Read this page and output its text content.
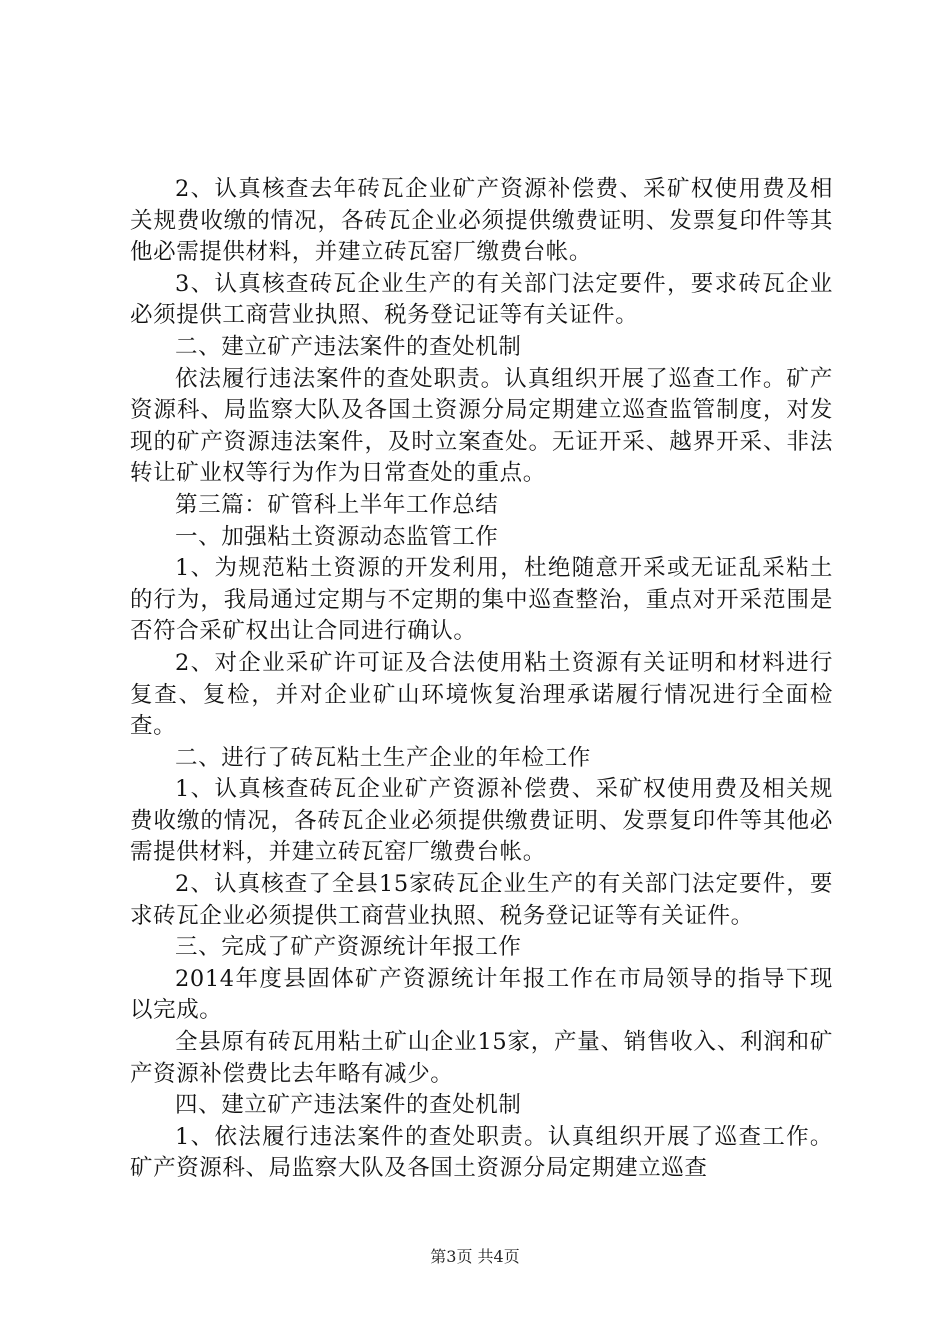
2、认真核查去年砖瓦企业矿产资源补偿费、采矿权使用费及相关规费收缴的情况，各砖瓦企业必须提供缴费证明、发票复印件等其他必需提供材料，并建立砖瓦窑厂缴费台帐。

3、认真核查砖瓦企业生产的有关部门法定要件，要求砖瓦企业必须提供工商营业执照、税务登记证等有关证件。

二、建立矿产违法案件的查处机制

依法履行违法案件的查处职责。认真组织开展了巡查工作。矿产资源科、局监察大队及各国土资源分局定期建立巡查监管制度，对发现的矿产资源违法案件，及时立案查处。无证开采、越界开采、非法转让矿业权等行为作为日常查处的重点。

第三篇：矿管科上半年工作总结

一、加强粘土资源动态监管工作

1、为规范粘土资源的开发利用，杜绝随意开采或无证乱采粘土的行为，我局通过定期与不定期的集中巡查整治，重点对开采范围是否符合采矿权出让合同进行确认。

2、对企业采矿许可证及合法使用粘土资源有关证明和材料进行复查、复检，并对企业矿山环境恢复治理承诺履行情况进行全面检查。

二、进行了砖瓦粘土生产企业的年检工作

1、认真核查砖瓦企业矿产资源补偿费、采矿权使用费及相关规费收缴的情况，各砖瓦企业必须提供缴费证明、发票复印件等其他必需提供材料，并建立砖瓦窑厂缴费台帐。

2、认真核查了全县15家砖瓦企业生产的有关部门法定要件，要求砖瓦企业必须提供工商营业执照、税务登记证等有关证件。

三、完成了矿产资源统计年报工作

2014年度县固体矿产资源统计年报工作在市局领导的指导下现以完成。

全县原有砖瓦用粘土矿山企业15家，产量、销售收入、利润和矿产资源补偿费比去年略有减少。

四、建立矿产违法案件的查处机制

1、依法履行违法案件的查处职责。认真组织开展了巡查工作。矿产资源科、局监察大队及各国土资源分局定期建立巡查

第3页 共4页
